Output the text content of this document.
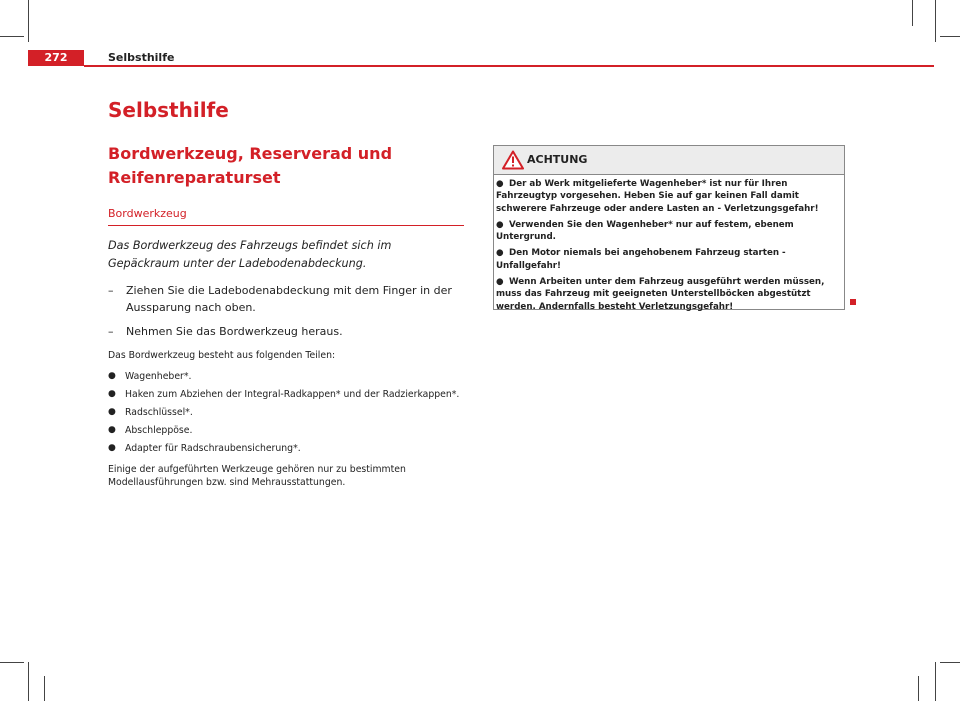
272	Selbsthilfe
Selbsthilfe
Bordwerkzeug, Reserverad und Reifenreparaturset
Bordwerkzeug
Das Bordwerkzeug des Fahrzeugs befindet sich im Gepäckraum unter der Ladebodenabdeckung.
– Ziehen Sie die Ladebodenabdeckung mit dem Finger in der Aussparung nach oben.
– Nehmen Sie das Bordwerkzeug heraus.

Das Bordwerkzeug besteht aus folgenden Teilen:

● Wagenheber*.
● Haken zum Abziehen der Integral-Radkappen* und der Radzierkappen*.
● Radschlüssel*.
● Abschleppöse.
● Adapter für Radschraubensicherung*.

Einige der aufgeführten Werkzeuge gehören nur zu bestimmten Modellausführungen bzw. sind Mehrausstattungen.

ACHTUNG

● Der ab Werk mitgelieferte Wagenheber* ist nur für Ihren Fahrzeugtyp vorgesehen. Heben Sie auf gar keinen Fall damit schwerere Fahrzeuge oder andere Lasten an - Verletzungsgefahr!

● Verwenden Sie den Wagenheber* nur auf festem, ebenem Untergrund.

● Den Motor niemals bei angehobenem Fahrzeug starten - Unfallgefahr!

● Wenn Arbeiten unter dem Fahrzeug ausgeführt werden müssen, muss das Fahrzeug mit geeigneten Unterstellböcken abgestützt werden. Andernfalls besteht Verletzungsgefahr!
